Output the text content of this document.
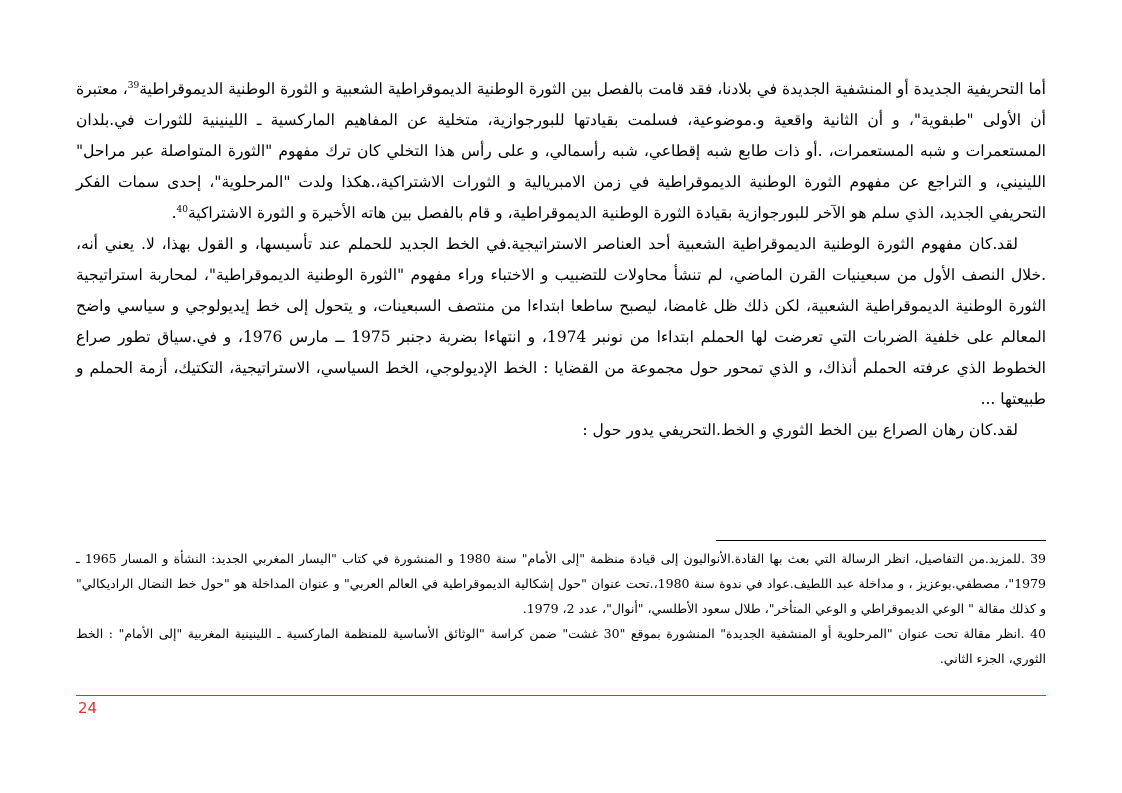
أما التحريفية الجديدة أو المنشفية الجديدة في بلادنا، فقد قامت بالفصل بين الثورة الوطنية الديموقراطية الشعبية و الثورة الوطنية الديموقراطية$^{39}$، معتبرة أن الأولى "طبقوية"، و أن الثانية واقعية و.موضوعية، فسلمت بقيادتها للبورجوازية، متخلية عن المفاهيم الماركسية ـ اللينينية للثورات في.بلدان المستعمرات و شبه المستعمرات، .أو ذات طابع شبه إقطاعي، شبه رأسمالي، و على رأس هذا التخلي كان ترك مفهوم "الثورة المتواصلة عبر مراحل" اللينيني، و التراجع عن مفهوم الثورة الوطنية الديموقراطية في زمن الامبريالية و الثورات الاشتراكية،.هكذا ولدت "المرحلوية"، إحدى سمات الفكر التحريفي الجديد، الذي سلم هو الآخر للبورجوازية بقيادة الثورة الوطنية الديموقراطية، و قام بالفصل بين هاته الأخيرة و الثورة الاشتراكية$^{40}$.

لقد.كان مفهوم الثورة الوطنية الديموقراطية الشعبية أحد العناصر الاستراتيجية.في الخط الجديد للحملم عند تأسيسها، و القول بهذا، لا. يعني أنه، .خلال النصف الأول من سبعينيات القرن الماضي، لم تنشأ محاولات للتضبيب و الاختباء وراء مفهوم "الثورة الوطنية الديموقراطية"، لمحاربة استراتيجية الثورة الوطنية الديموقراطية الشعبية، لكن ذلك ظل غامضا، ليصبح ساطعا ابتداءا من منتصف السبعينات، و يتحول إلى خط إيديولوجي و سياسي واضح المعالم على خلفية الضربات التي تعرضت لها الحملم ابتداءا من نونبر 1974، و انتهاءا بضربة دجنبر 1975 ــ مارس 1976، و في.سياق تطور صراع الخطوط الذي عرفته الحملم أنذاك، و الذي تمحور حول مجموعة من القضايا : الخط الإديولوجي، الخط السياسي، الاستراتيجية، التكتيك، أزمة الحملم و طبيعتها ...

لقد.كان رهان الصراع بين الخط الثوري و الخط.التحريفي يدور حول :

39 .للمزيد.من التفاصيل، انظر الرسالة التي بعث بها القادة.الأنواليون إلى قيادة منظمة "إلى الأمام" سنة 1980 و المنشورة في كتاب "اليسار المغربي الجديد: النشأة و المسار 1965 ـ 1979"، مصطفي.بوعزيز ، و مداخلة عبد اللطيف.عواد في ندوة سنة 1980،.تحت عنوان "حول إشكالية الديموقراطية في العالم العربي" و عنوان المداخلة هو "حول خط النضال الراديكالي" و كذلك مقالة " الوعي الديموقراطي و الوعي المتأخر"، طلال سعود الأطلسي، "أنوال"، عدد 2، 1979.

40 .انظر مقالة تحت عنوان "المرحلوية أو المنشفية الجديدة" المنشورة بموقع "30 غشت" ضمن كراسة "الوثائق الأساسية للمنظمة الماركسية ـ اللينينية المغربية "إلى الأمام" : الخط الثوري، الجزء الثاني.

24
